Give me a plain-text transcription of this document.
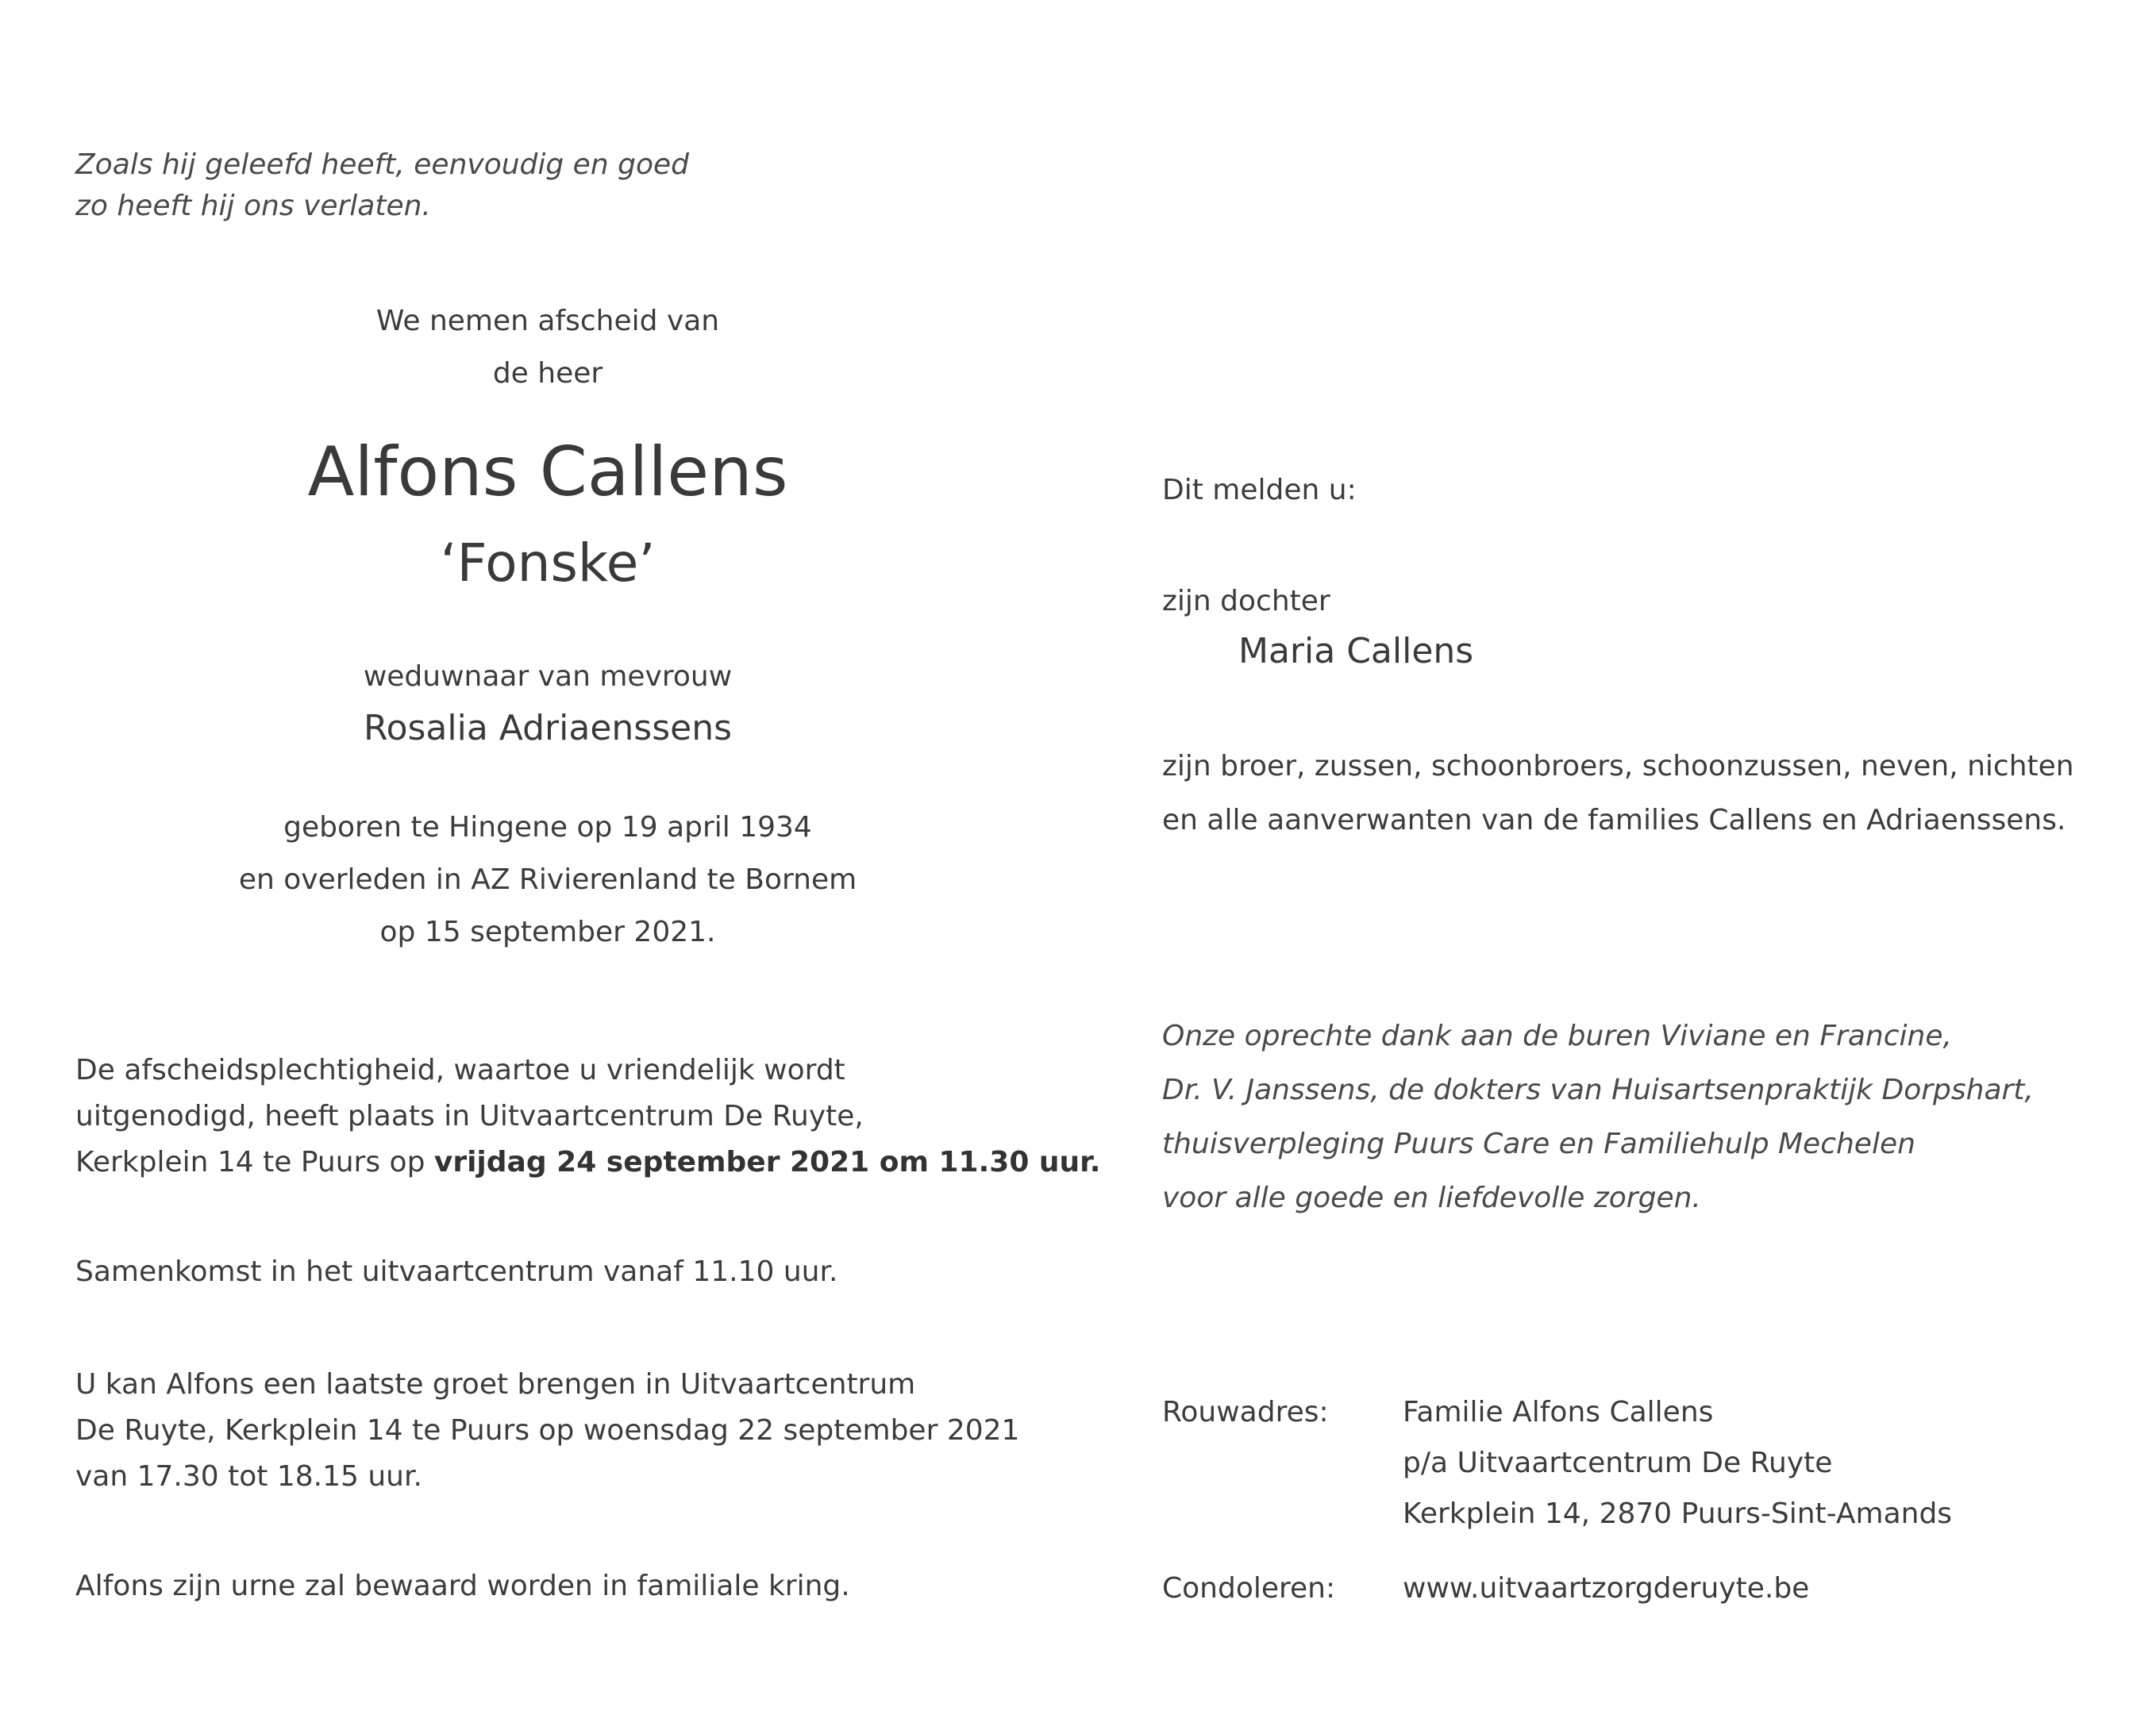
Zoals hij geleefd heeft, eenvoudig en goed
zo heeft hij ons verlaten.
We nemen afscheid van
de heer
Alfons Callens
‘Fonske’
weduwnaar van mevrouw
Rosalia Adriaenssens
geboren te Hingene op 19 april 1934
en overleden in AZ Rivierenland te Bornem
op 15 september 2021.
De afscheidsplechtigheid, waartoe u vriendelijk wordt
uitgenodigd, heeft plaats in Uitvaartcentrum De Ruyte,
Kerkplein 14 te Puurs op vrijdag 24 september 2021 om 11.30 uur.
Samenkomst in het uitvaartcentrum vanaf 11.10 uur.
U kan Alfons een laatste groet brengen in Uitvaartcentrum
De Ruyte, Kerkplein 14 te Puurs op woensdag 22 september 2021
van 17.30 tot 18.15 uur.
Alfons zijn urne zal bewaard worden in familiale kring.
Dit melden u:
zijn dochter
Maria Callens
zijn broer, zussen, schoonbroers, schoonzussen, neven, nichten
en alle aanverwanten van de families Callens en Adriaenssens.
Onze oprechte dank aan de buren Viviane en Francine,
Dr. V. Janssens, de dokters van Huisartsenpraktijk Dorpshart,
thuisverpleging Puurs Care en Familiehulp Mechelen
voor alle goede en liefdevolle zorgen.
Rouwadres:	Familie Alfons Callens
p/a Uitvaartcentrum De Ruyte
Kerkplein 14, 2870 Puurs-Sint-Amands
Condoleren:	www.uitvaartzorgderuyte.be
